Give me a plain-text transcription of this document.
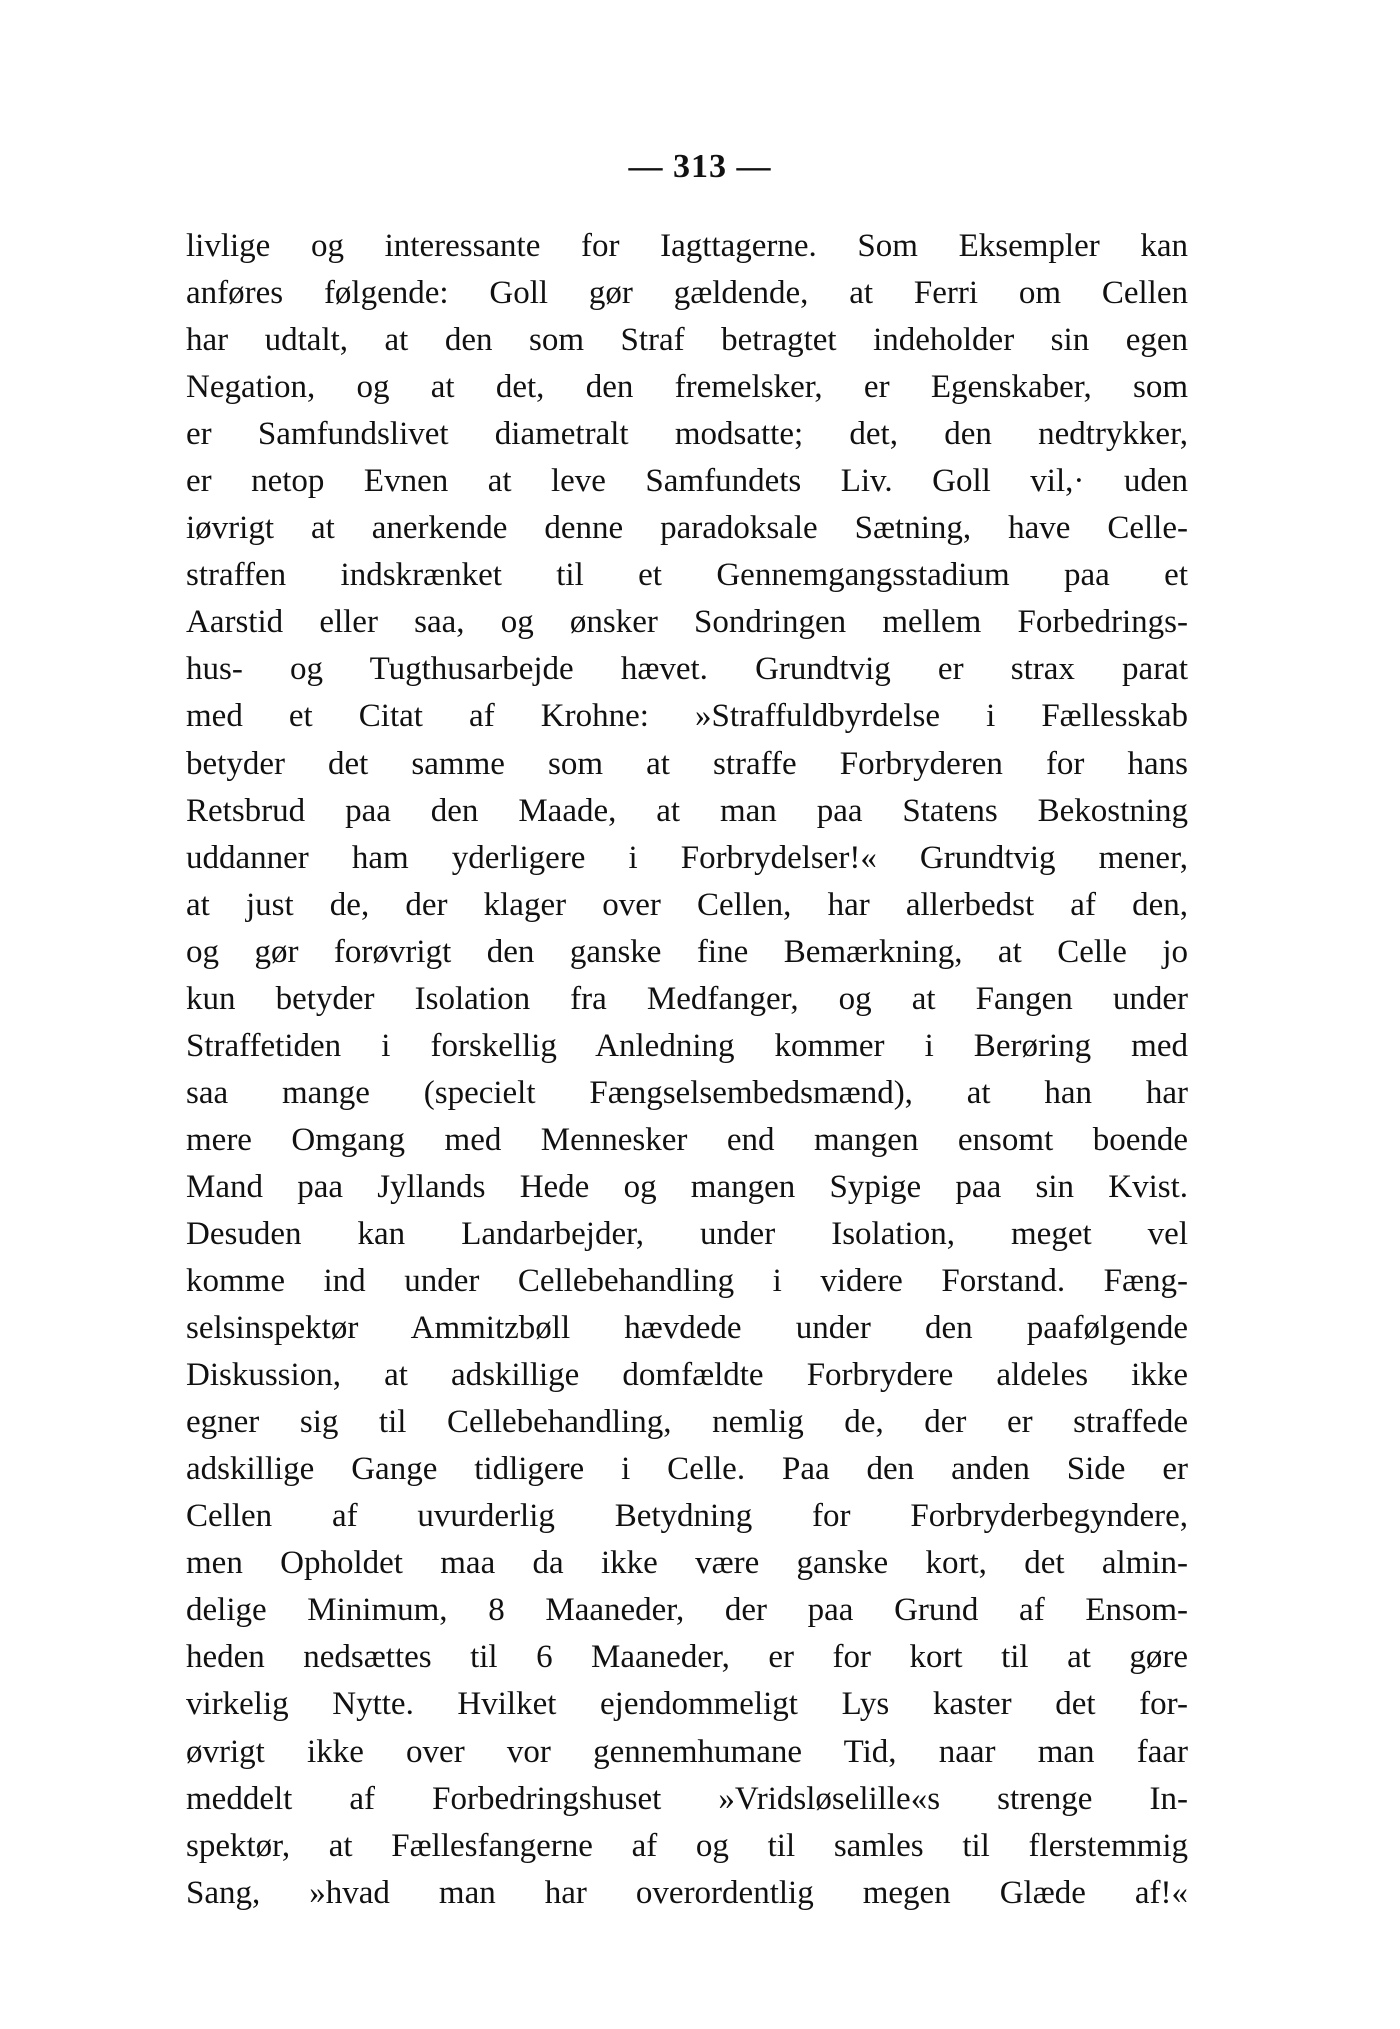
— 313 —
livlige og interessante for Iagttagerne. Som Eksempler kan
anføres følgende: Goll gør gældende, at Ferri om Cellen
har udtalt, at den som Straf betragtet indeholder sin egen
Negation, og at det, den fremelsker, er Egenskaber, som
er Samfundslivet diametralt modsatte; det, den nedtrykker,
er netop Evnen at leve Samfundets Liv. Goll vil,· uden
iøvrigt at anerkende denne paradoksale Sætning, have Celle-
straffen indskrænket til et Gennemgangsstadium paa et
Aarstid eller saa, og ønsker Sondringen mellem Forbedrings-
hus- og Tugthusarbejde hævet. Grundtvig er strax parat
med et Citat af Krohne: »Straffuldbyrdelse i Fællesskab
betyder det samme som at straffe Forbryderen for hans
Retsbrud paa den Maade, at man paa Statens Bekostning
uddanner ham yderligere i Forbrydelser!« Grundtvig mener,
at just de, der klager over Cellen, har allerbedst af den,
og gør forøvrigt den ganske fine Bemærkning, at Celle jo
kun betyder Isolation fra Medfanger, og at Fangen under
Straffetiden i forskellig Anledning kommer i Berøring med
saa mange (specielt Fængselsembedsmænd), at han har
mere Omgang med Mennesker end mangen ensomt boende
Mand paa Jyllands Hede og mangen Sypige paa sin Kvist.
Desuden kan Landarbejder, under Isolation, meget vel
komme ind under Cellebehandling i videre Forstand. Fæng-
selsinspektør Ammitzbøll hævdede under den paafølgende
Diskussion, at adskillige domfældte Forbrydere aldeles ikke
egner sig til Cellebehandling, nemlig de, der er straffede
adskillige Gange tidligere i Celle. Paa den anden Side er
Cellen af uvurderlig Betydning for Forbryderbegyndere,
men Opholdet maa da ikke være ganske kort, det almin-
delige Minimum, 8 Maaneder, der paa Grund af Ensom-
heden nedsættes til 6 Maaneder, er for kort til at gøre
virkelig Nytte. Hvilket ejendommeligt Lys kaster det for-
øvrigt ikke over vor gennemhumane Tid, naar man faar
meddelt af Forbedringshuset »Vridsløselille«s strenge In-
spektør, at Fællesfangerne af og til samles til flerstemmig
Sang, »hvad man har overordentlig megen Glæde af!«
